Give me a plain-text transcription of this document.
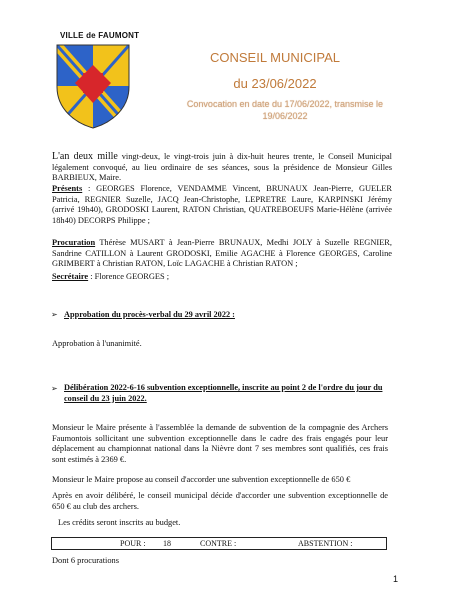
VILLE de FAUMONT
CONSEIL MUNICIPAL
du 23/06/2022
Convocation en date du 17/06/2022, transmise le 19/06/2022
L'an deux mille vingt-deux, le vingt-trois juin à dix-huit heures trente, le Conseil Municipal légalement convoqué, au lieu ordinaire de ses séances, sous la présidence de Monsieur Gilles BARBIEUX, Maire.
Présents : GEORGES Florence, VENDAMME Vincent, BRUNAUX Jean-Pierre, GUELER Patricia, REGNIER Suzelle, JACQ Jean-Christophe, LEPRETRE Laure, KARPINSKI Jérémy (arrivé 19h40), GRODOSKI Laurent, RATON Christian, QUATREBOEUFS Marie-Hélène (arrivée 18h40) DECORPS Philippe ;
Procuration Thérèse MUSART à Jean-Pierre BRUNAUX, Medhi JOLY à Suzelle REGNIER, Sandrine CATILLON à Laurent GRODOSKI, Emilie AGACHE à Florence GEORGES, Caroline GRIMBERT à Christian RATON, Loïc LAGACHE à Christian RATON ;
Secrétaire : Florence GEORGES ;
➢ Approbation du procès-verbal du 29 avril 2022 :
Approbation à l'unanimité.
➢ Délibération 2022-6-16 subvention exceptionnelle, inscrite au point 2 de l'ordre du jour du conseil du 23 juin 2022.
Monsieur le Maire présente à l'assemblée la demande de subvention de la compagnie des Archers Faumontois sollicitant une subvention exceptionnelle dans le cadre des frais engagés pour leur déplacement au championnat national dans la Nièvre dont 7 ses membres sont qualifiés, ces frais sont estimés à 2369 €.
Monsieur le Maire propose au conseil d'accorder une subvention exceptionnelle de 650 €
Après en avoir délibéré, le conseil municipal décide d'accorder une subvention exceptionnelle de 650 € au club des archers.
Les crédits seront inscrits au budget.
POUR : 18	CONTRE :	ABSTENTION :
Dont 6 procurations
1
